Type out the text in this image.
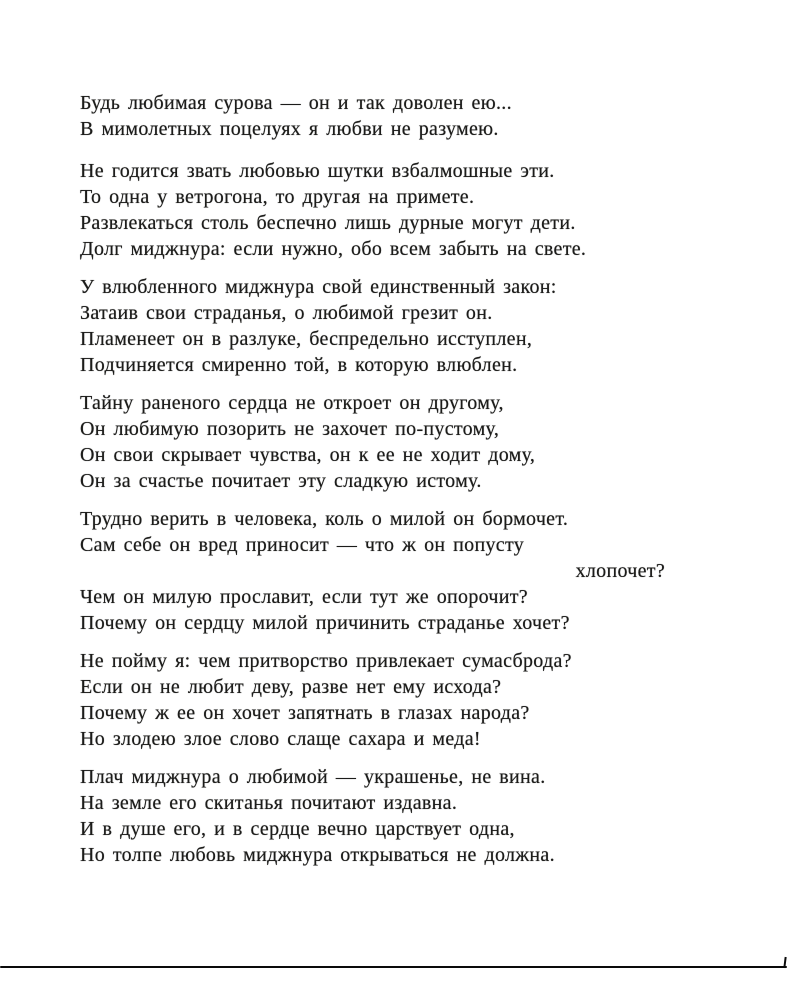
Будь любимая сурова — он и так доволен ею...
В мимолетных поцелуях я любви не разумею.
Не годится звать любовью шутки взбалмошные эти.
То одна у ветрогона, то другая на примете.
Развлекаться столь беспечно лишь дурные могут дети.
Долг миджнура: если нужно, обо всем забыть на свете.
У влюбленного миджнура свой единственный закон:
Затаив свои страданья, о любимой грезит он.
Пламенеет он в разлуке, беспредельно исступлен,
Подчиняется смиренно той, в которую влюблен.
Тайну раненого сердца не откроет он другому,
Он любимую позорить не захочет по-пустому,
Он свои скрывает чувства, он к ее не ходит дому,
Он за счастье почитает эту сладкую истому.
Трудно верить в человека, коль о милой он бормочет.
Сам себе он вред приносит — что ж он попусту
хлопочет?
Чем он милую прославит, если тут же опорочит?
Почему он сердцу милой причинить страданье хочет?
Не пойму я: чем притворство привлекает сумасброда?
Если он не любит деву, разве нет ему исхода?
Почему ж ее он хочет запятнать в глазах народа?
Но злодею злое слово слаще сахара и меда!
Плач миджнура о любимой — украшенье, не вина.
На земле его скитанья почитают издавна.
И в душе его, и в сердце вечно царствует одна,
Но толпе любовь миджнура открываться не должна.
